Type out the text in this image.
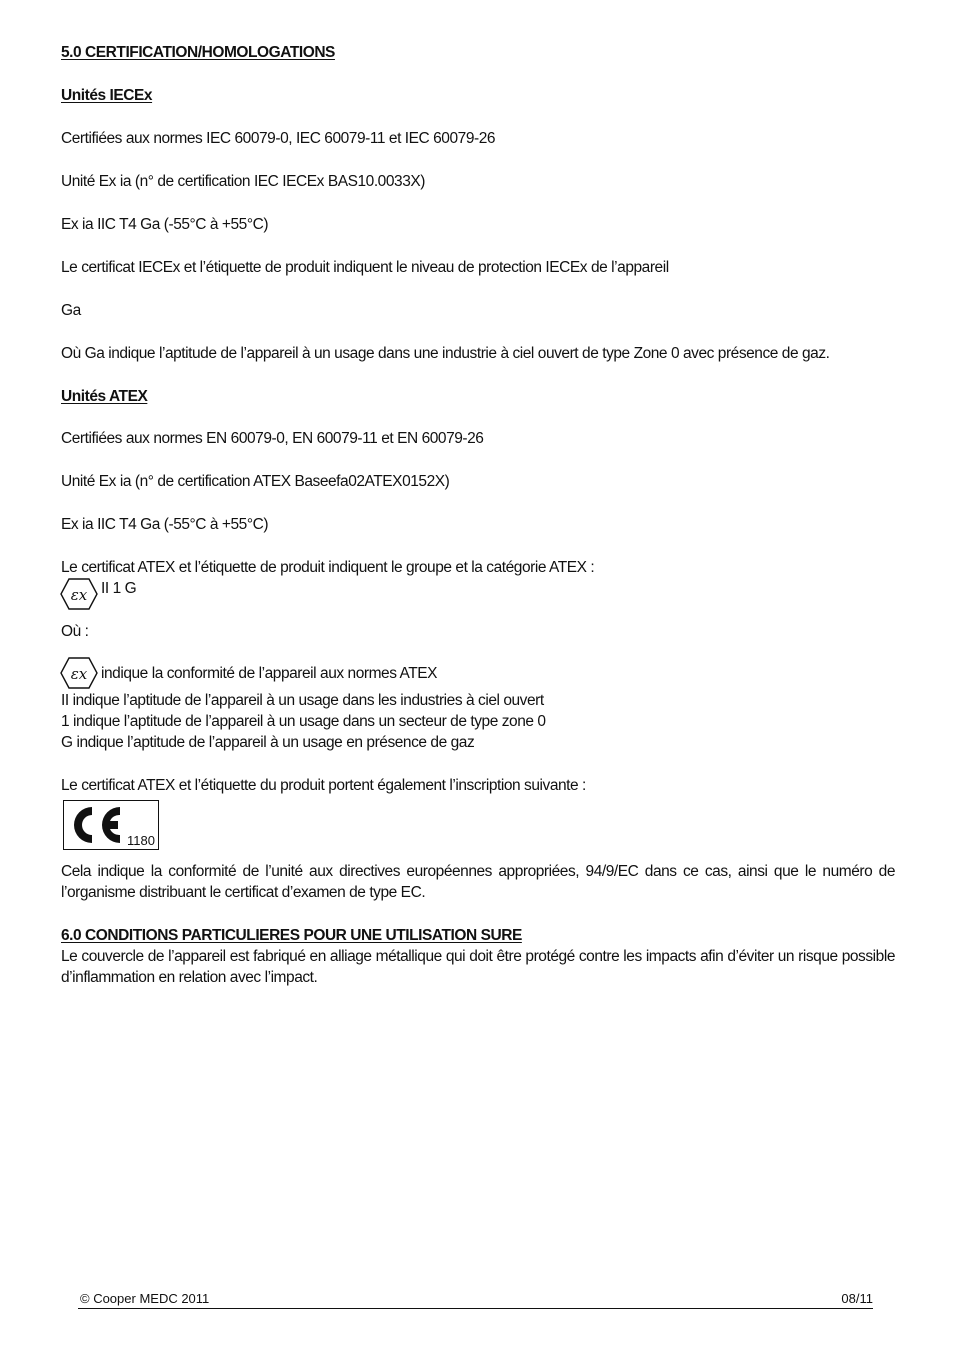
5.0 CERTIFICATION/HOMOLOGATIONS

Unités IECEx

Certifiées aux normes IEC 60079-0, IEC 60079-11 et IEC 60079-26

Unité Ex ia (n° de certification IEC IECEx BAS10.0033X)

Ex ia IIC T4 Ga (-55°C à +55°C)

Le certificat IECEx et l’étiquette de produit indiquent le niveau de protection IECEx de l’appareil

Ga

Où Ga indique l’aptitude de l’appareil à un usage dans une industrie à ciel ouvert de type Zone 0 avec présence de gaz.

Unités ATEX

Certifiées aux normes EN 60079-0, EN 60079-11 et EN 60079-26

Unité Ex ia (n° de certification ATEX Baseefa02ATEX0152X)

Ex ia IIC T4 Ga (-55°C à +55°C)

Le certificat ATEX et l’étiquette de produit indiquent le groupe et la catégorie ATEX :

εx II 1 G

Où :

εx indique la conformité de l’appareil aux normes ATEX

II indique l’aptitude de l’appareil à un usage dans les industries à ciel ouvert

1 indique l’aptitude de l’appareil à un usage dans un secteur de type zone 0

G indique l’aptitude de l’appareil à un usage en présence de gaz

Le certificat ATEX et l’étiquette du produit portent également l’inscription suivante :

1180

Cela indique la conformité de l’unité aux directives européennes appropriées, 94/9/EC dans ce cas, ainsi que le numéro de l’organisme distribuant le certificat d’examen de type EC.

6.0 CONDITIONS PARTICULIERES POUR UNE UTILISATION SURE

Le couvercle de l’appareil est fabriqué en alliage métallique qui doit être protégé contre les impacts afin d’éviter un risque possible d’inflammation en relation avec l’impact.

© Cooper MEDC 2011	08/11
